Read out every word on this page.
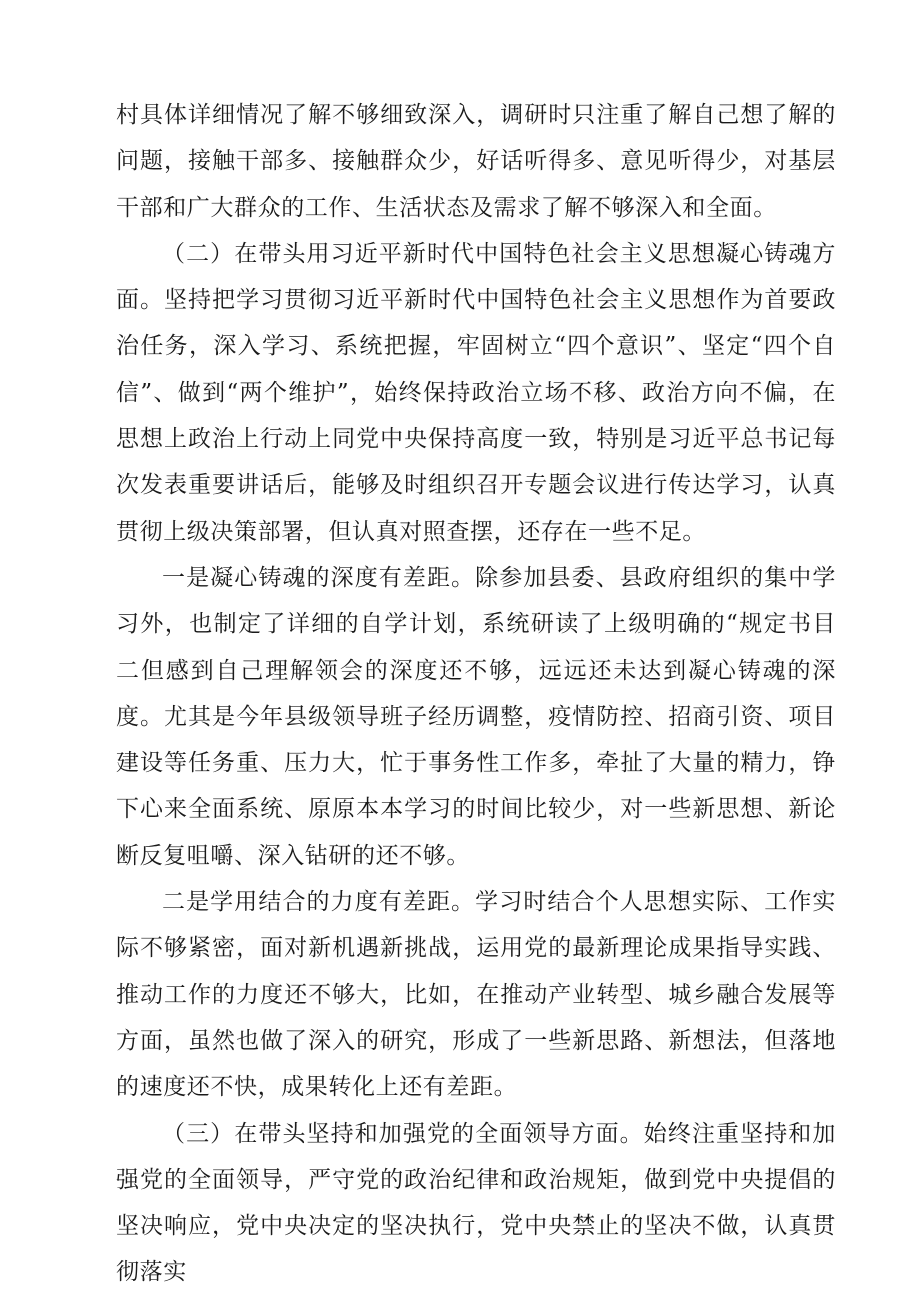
村具体详细情况了解不够细致深入，调研时只注重了解自己想了解的问题，接触干部多、接触群众少，好话听得多、意见听得少，对基层干部和广大群众的工作、生活状态及需求了解不够深入和全面。

（二）在带头用习近平新时代中国特色社会主义思想凝心铸魂方面。坚持把学习贯彻习近平新时代中国特色社会主义思想作为首要政治任务，深入学习、系统把握，牢固树立“四个意识”、坚定“四个自信”、做到“两个维护”，始终保持政治立场不移、政治方向不偏，在思想上政治上行动上同党中央保持高度一致，特别是习近平总书记每次发表重要讲话后，能够及时组织召开专题会议进行传达学习，认真贯彻上级决策部署，但认真对照查摆，还存在一些不足。

一是凝心铸魂的深度有差距。除参加县委、县政府组织的集中学习外，也制定了详细的自学计划，系统研读了上级明确的“规定书目二但感到自己理解领会的深度还不够，远远还未达到凝心铸魂的深度。尤其是今年县级领导班子经历调整，疫情防控、招商引资、项目建设等任务重、压力大，忙于事务性工作多，牵扯了大量的精力，铮下心来全面系统、原原本本学习的时间比较少，对一些新思想、新论断反复咀嚼、深入钻研的还不够。

二是学用结合的力度有差距。学习时结合个人思想实际、工作实际不够紧密，面对新机遇新挑战，运用党的最新理论成果指导实践、推动工作的力度还不够大，比如，在推动产业转型、城乡融合发展等方面，虽然也做了深入的研究，形成了一些新思路、新想法，但落地的速度还不快，成果转化上还有差距。

（三）在带头坚持和加强党的全面领导方面。始终注重坚持和加强党的全面领导，严守党的政治纪律和政治规矩，做到党中央提倡的坚决响应，党中央决定的坚决执行，党中央禁止的坚决不做，认真贯彻落实
